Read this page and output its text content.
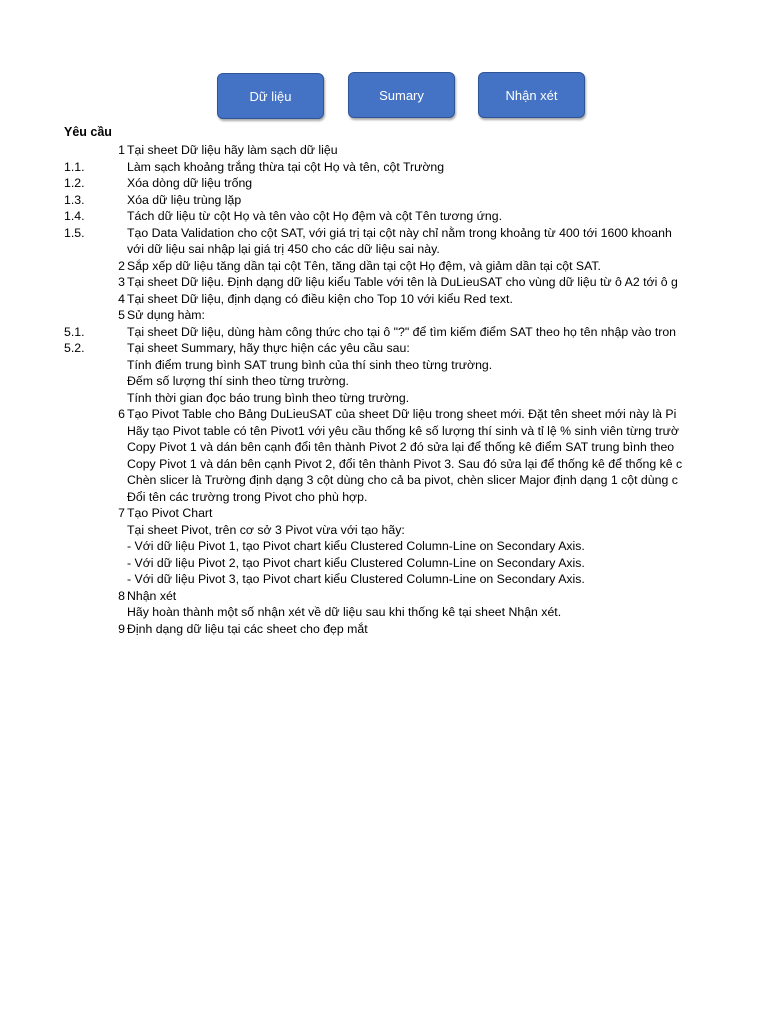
Dữ liệu	Sumary	Nhận xét
Yêu cầu
1 Tại sheet Dữ liệu hãy làm sạch dữ liệu
1.1.	Làm sạch khoảng trắng thừa tại cột Họ và tên, cột Trường
1.2.	Xóa dòng dữ liệu trống
1.3.	Xóa dữ liệu trùng lặp
1.4.	Tách dữ liệu từ cột Họ và tên vào cột Họ đệm và cột Tên tương ứng.
1.5.	Tạo Data Validation cho cột SAT, với giá trị tại cột này chỉ nằm trong khoảng từ 400 tới 1600 khoanh
với dữ liệu sai nhập lại giá trị 450 cho các dữ liệu sai này.
2 Sắp xếp dữ liệu tăng dần tại cột Tên, tăng dần tại cột Họ đệm, và giảm dần tại cột SAT.
3 Tại sheet Dữ liệu. Định dạng dữ liệu kiểu Table với tên là DuLieuSAT cho vùng dữ liệu từ ô A2 tới ô g
4 Tại sheet Dữ liệu, định dạng có điều kiện cho Top 10 với kiểu Red text.
5 Sử dụng hàm:
5.1.	Tại sheet Dữ liệu, dùng hàm công thức cho tại ô "?" để tìm kiếm điểm SAT theo họ tên nhập vào tron
5.2.	Tại sheet Summary, hãy thực hiện các yêu cầu sau:
Tính điểm trung bình SAT trung bình của thí sinh theo từng trường.
Đếm số lượng thí sinh theo từng trường.
Tính thời gian đọc báo trung bình theo từng trường.
6 Tạo Pivot Table cho Bảng DuLieuSAT của sheet Dữ liệu trong sheet mới. Đặt tên sheet mới này là Pi
Hãy tạo Pivot table có tên Pivot1 với yêu cầu thống kê số lượng thí sinh và tỉ lệ % sinh viên từng trườ
Copy Pivot 1 và dán bên cạnh đổi tên thành Pivot 2 đó sửa lại để thống kê điểm SAT trung bình theo
Copy Pivot 1 và dán bên cạnh Pivot 2, đổi tên thành Pivot 3. Sau đó sửa lại để thống kê để thống kê c
Chèn slicer là Trường định dạng 3 cột dùng cho cả ba pivot, chèn slicer Major định dạng 1 cột dùng c
Đổi tên các trường trong Pivot cho phù hợp.
7 Tạo Pivot Chart
Tại sheet Pivot, trên cơ sở 3 Pivot vừa với tạo hãy:
- Với dữ liệu Pivot 1, tạo Pivot chart kiểu Clustered Column-Line on Secondary Axis.
- Với dữ liệu Pivot 2, tạo Pivot chart kiểu Clustered Column-Line on Secondary Axis.
- Với dữ liệu Pivot 3, tạo Pivot chart kiểu Clustered Column-Line on Secondary Axis.
8 Nhận xét
Hãy hoàn thành một số nhận xét về dữ liệu sau khi thống kê tại sheet Nhận xét.
9 Định dạng dữ liệu tại các sheet cho đẹp mắt
